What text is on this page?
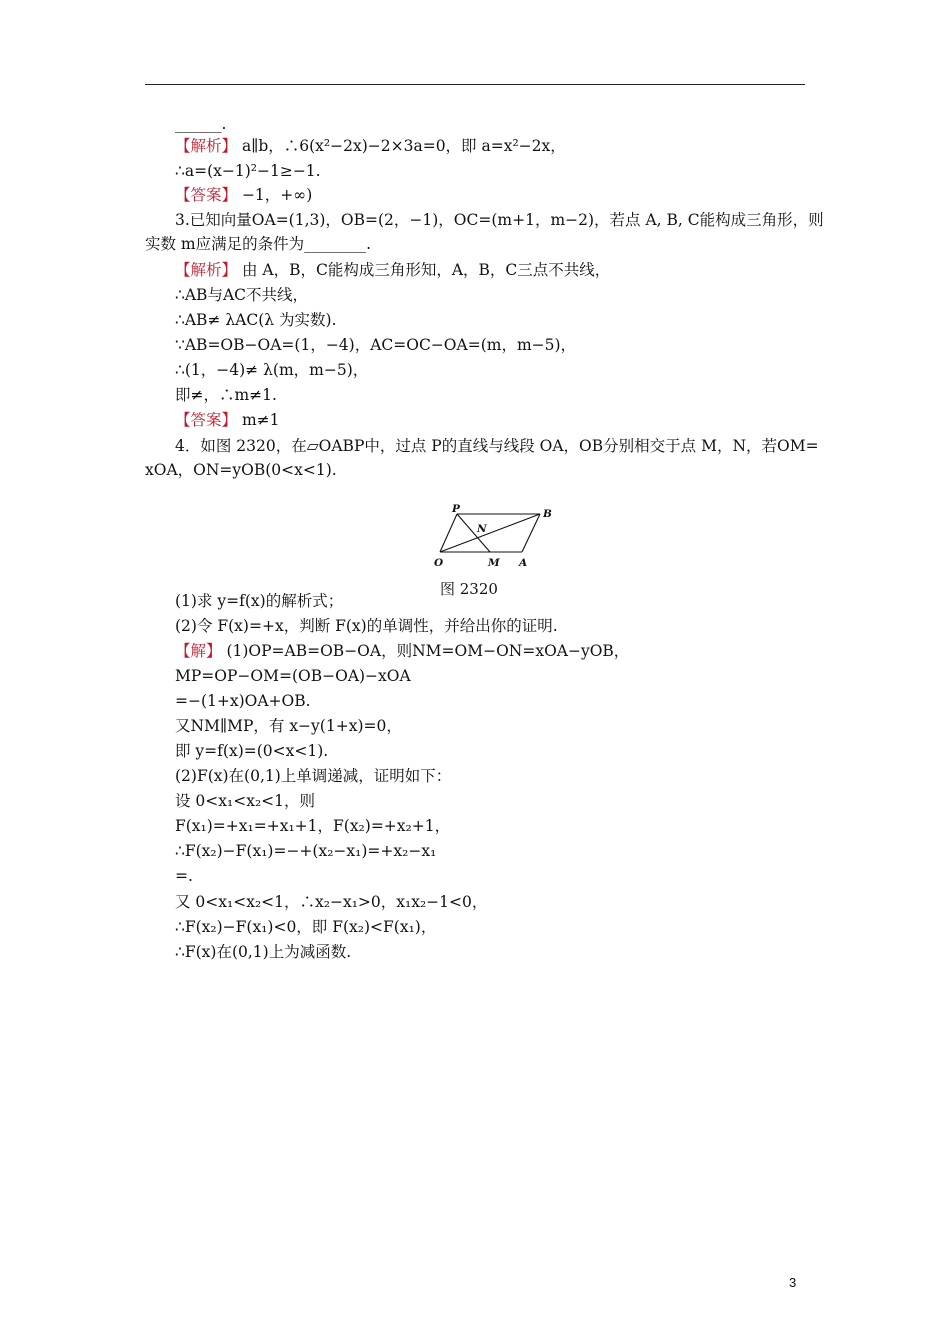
______.
【解析】 a∥b，∴6(x²−2x)−2×3a=0，即 a=x²−2x，
∴a=(x−1)²−1≥−1.
【答案】 −1，+∞)
3.已知向量OA=(1,3)，OB=(2，−1)，OC=(m+1，m−2)，若点 A, B, C能构成三角形，则
实数 m应满足的条件为________.
【解析】 由 A，B，C能构成三角形知，A，B，C三点不共线，
∴AB与AC不共线，
∴AB≠ λAC(λ 为实数).
∵AB=OB−OA=(1，−4)，AC=OC−OA=(m，m−5)，
∴(1，−4)≠ λ(m，m−5)，
即≠，∴m≠1.
【答案】 m≠1
4．如图 2320，在▱OABP中，过点 P的直线与线段 OA，OB分别相交于点 M，N，若OM=
xOA，ON=yOB(0<x<1).
(1)求 y=f(x)的解析式；
(2)令 F(x)=+x，判断 F(x)的单调性，并给出你的证明.
【解】 (1)OP=AB=OB−OA，则NM=OM−ON=xOA−yOB，
MP=OP−OM=(OB−OA)−xOA
=−(1+x)OA+OB.
又NM∥MP，有 x−y(1+x)=0，
即 y=f(x)=(0<x<1).
(2)F(x)在(0,1)上单调递减，证明如下：
设 0<x₁<x₂<1，则
F(x₁)=+x₁=+x₁+1，F(x₂)=+x₂+1，
∴F(x₂)−F(x₁)=−+(x₂−x₁)=+x₂−x₁
=.
又 0<x₁<x₂<1，∴x₂−x₁>0，x₁x₂−1<0，
∴F(x₂)−F(x₁)<0，即 F(x₂)<F(x₁)，
∴F(x)在(0,1)上为减函数.
P	B
N
O	M A
图 2320
3
